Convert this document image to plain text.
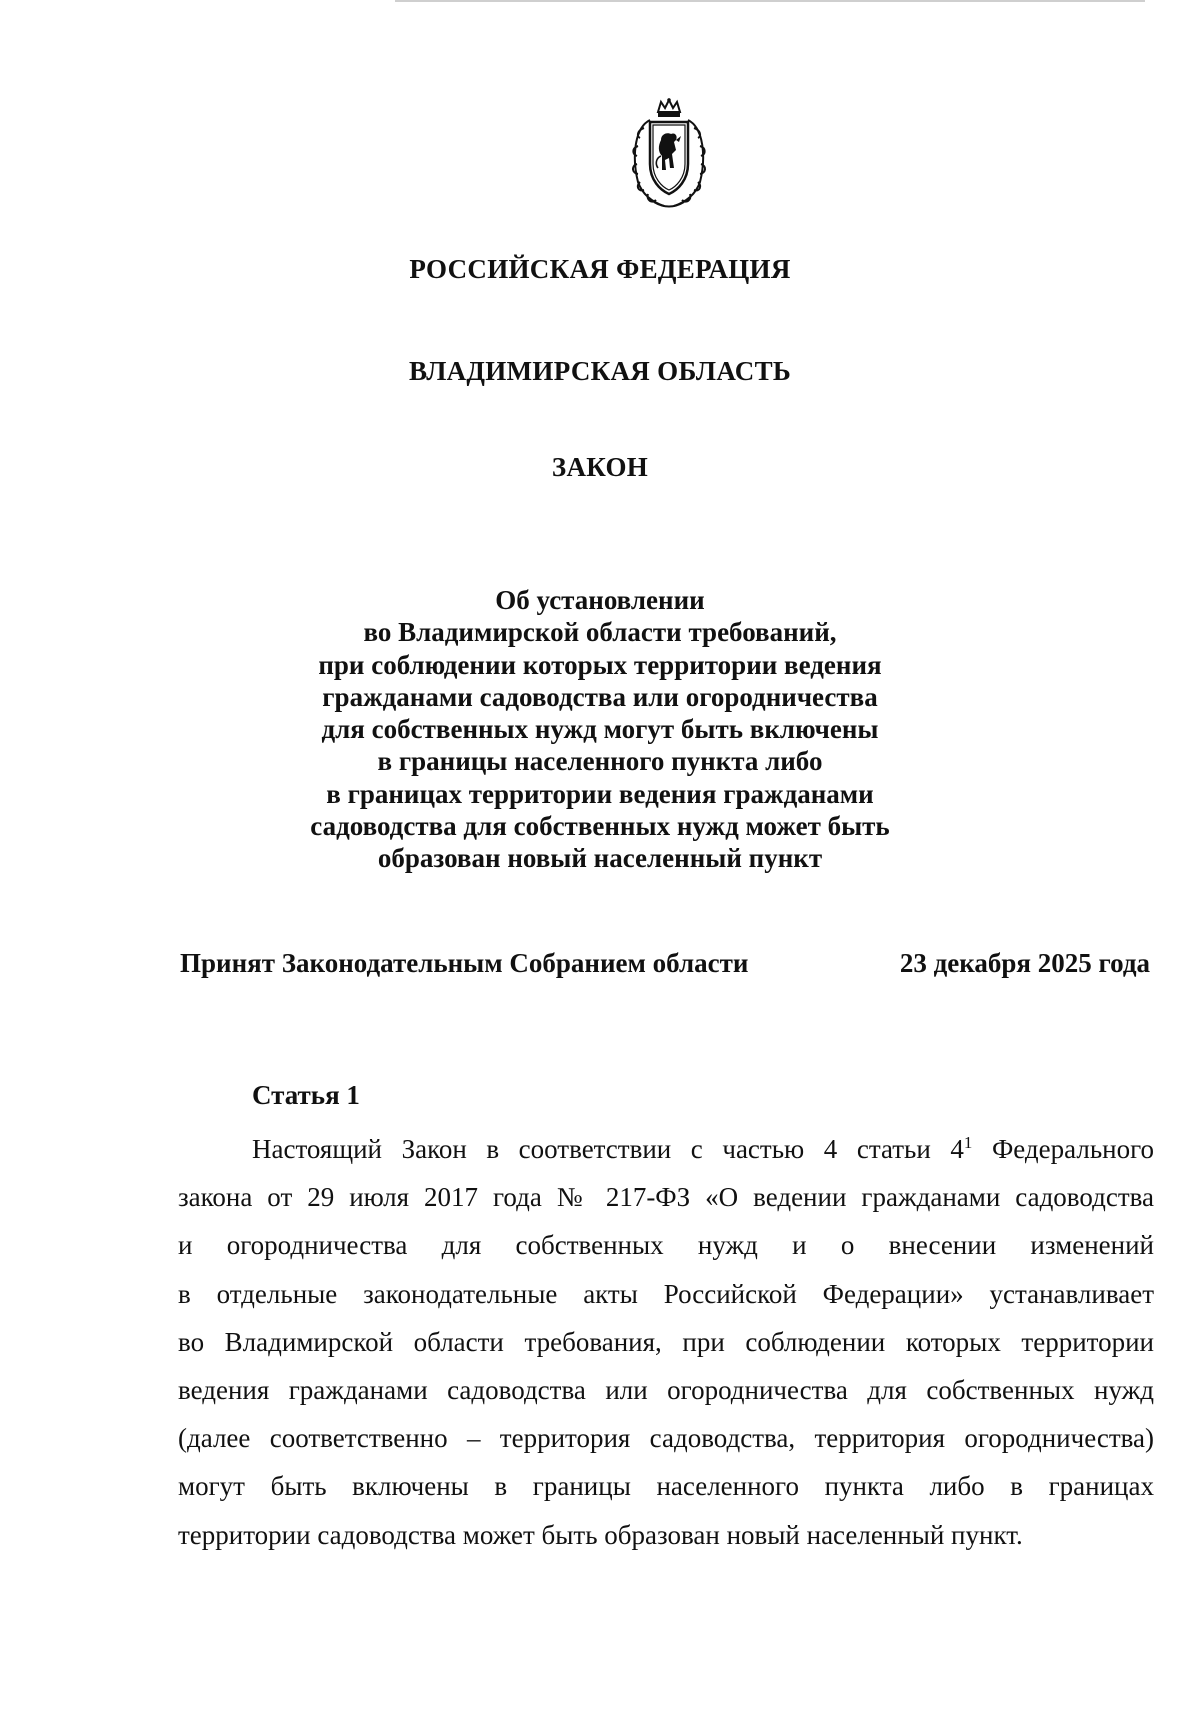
РОССИЙСКАЯ ФЕДЕРАЦИЯ
ВЛАДИМИРСКАЯ ОБЛАСТЬ
ЗАКОН
Об установлении
во Владимирской области требований,
при соблюдении которых территории ведения
гражданами садоводства или огородничества
для собственных нужд могут быть включены
в границы населенного пункта либо
в границах территории ведения гражданами
садоводства для собственных нужд может быть
образован новый населенный пункт
Принят Законодательным Собранием области	23 декабря 2025 года
Статья 1
Настоящий Закон в соответствии с частью 4 статьи $4^1$ Федерального
закона от 29 июля 2017 года № 217-ФЗ «О ведении гражданами садоводства
и огородничества для собственных нужд и о внесении изменений
в отдельные законодательные акты Российской Федерации» устанавливает
во Владимирской области требования, при соблюдении которых территории
ведения гражданами садоводства или огородничества для собственных нужд
(далее соответственно – территория садоводства, территория огородничества)
могут быть включены в границы населенного пункта либо в границах
территории садоводства может быть образован новый населенный пункт.
